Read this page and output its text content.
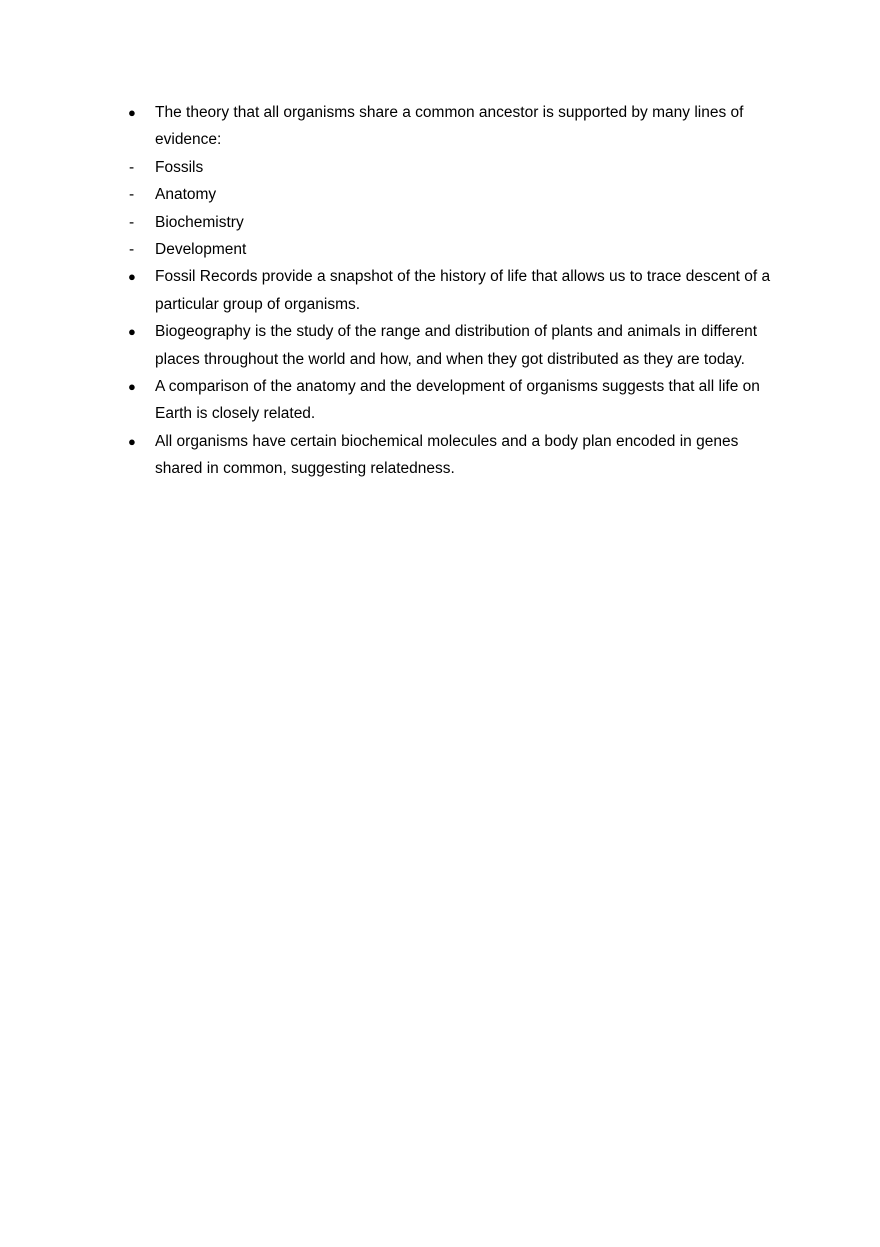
●	The theory that all organisms share a common ancestor is supported by many lines of evidence:
-	Fossils
-	Anatomy
-	Biochemistry
-	Development
●	Fossil Records provide a snapshot of the history of life that allows us to trace descent of a particular group of organisms.
●	Biogeography is the study of the range and distribution of plants and animals in different places throughout the world and how, and when they got distributed as they are today.
●	A comparison of the anatomy and the development of organisms suggests that all life on Earth is closely related.
●	All organisms have certain biochemical molecules and a body plan encoded in genes shared in common, suggesting relatedness.
